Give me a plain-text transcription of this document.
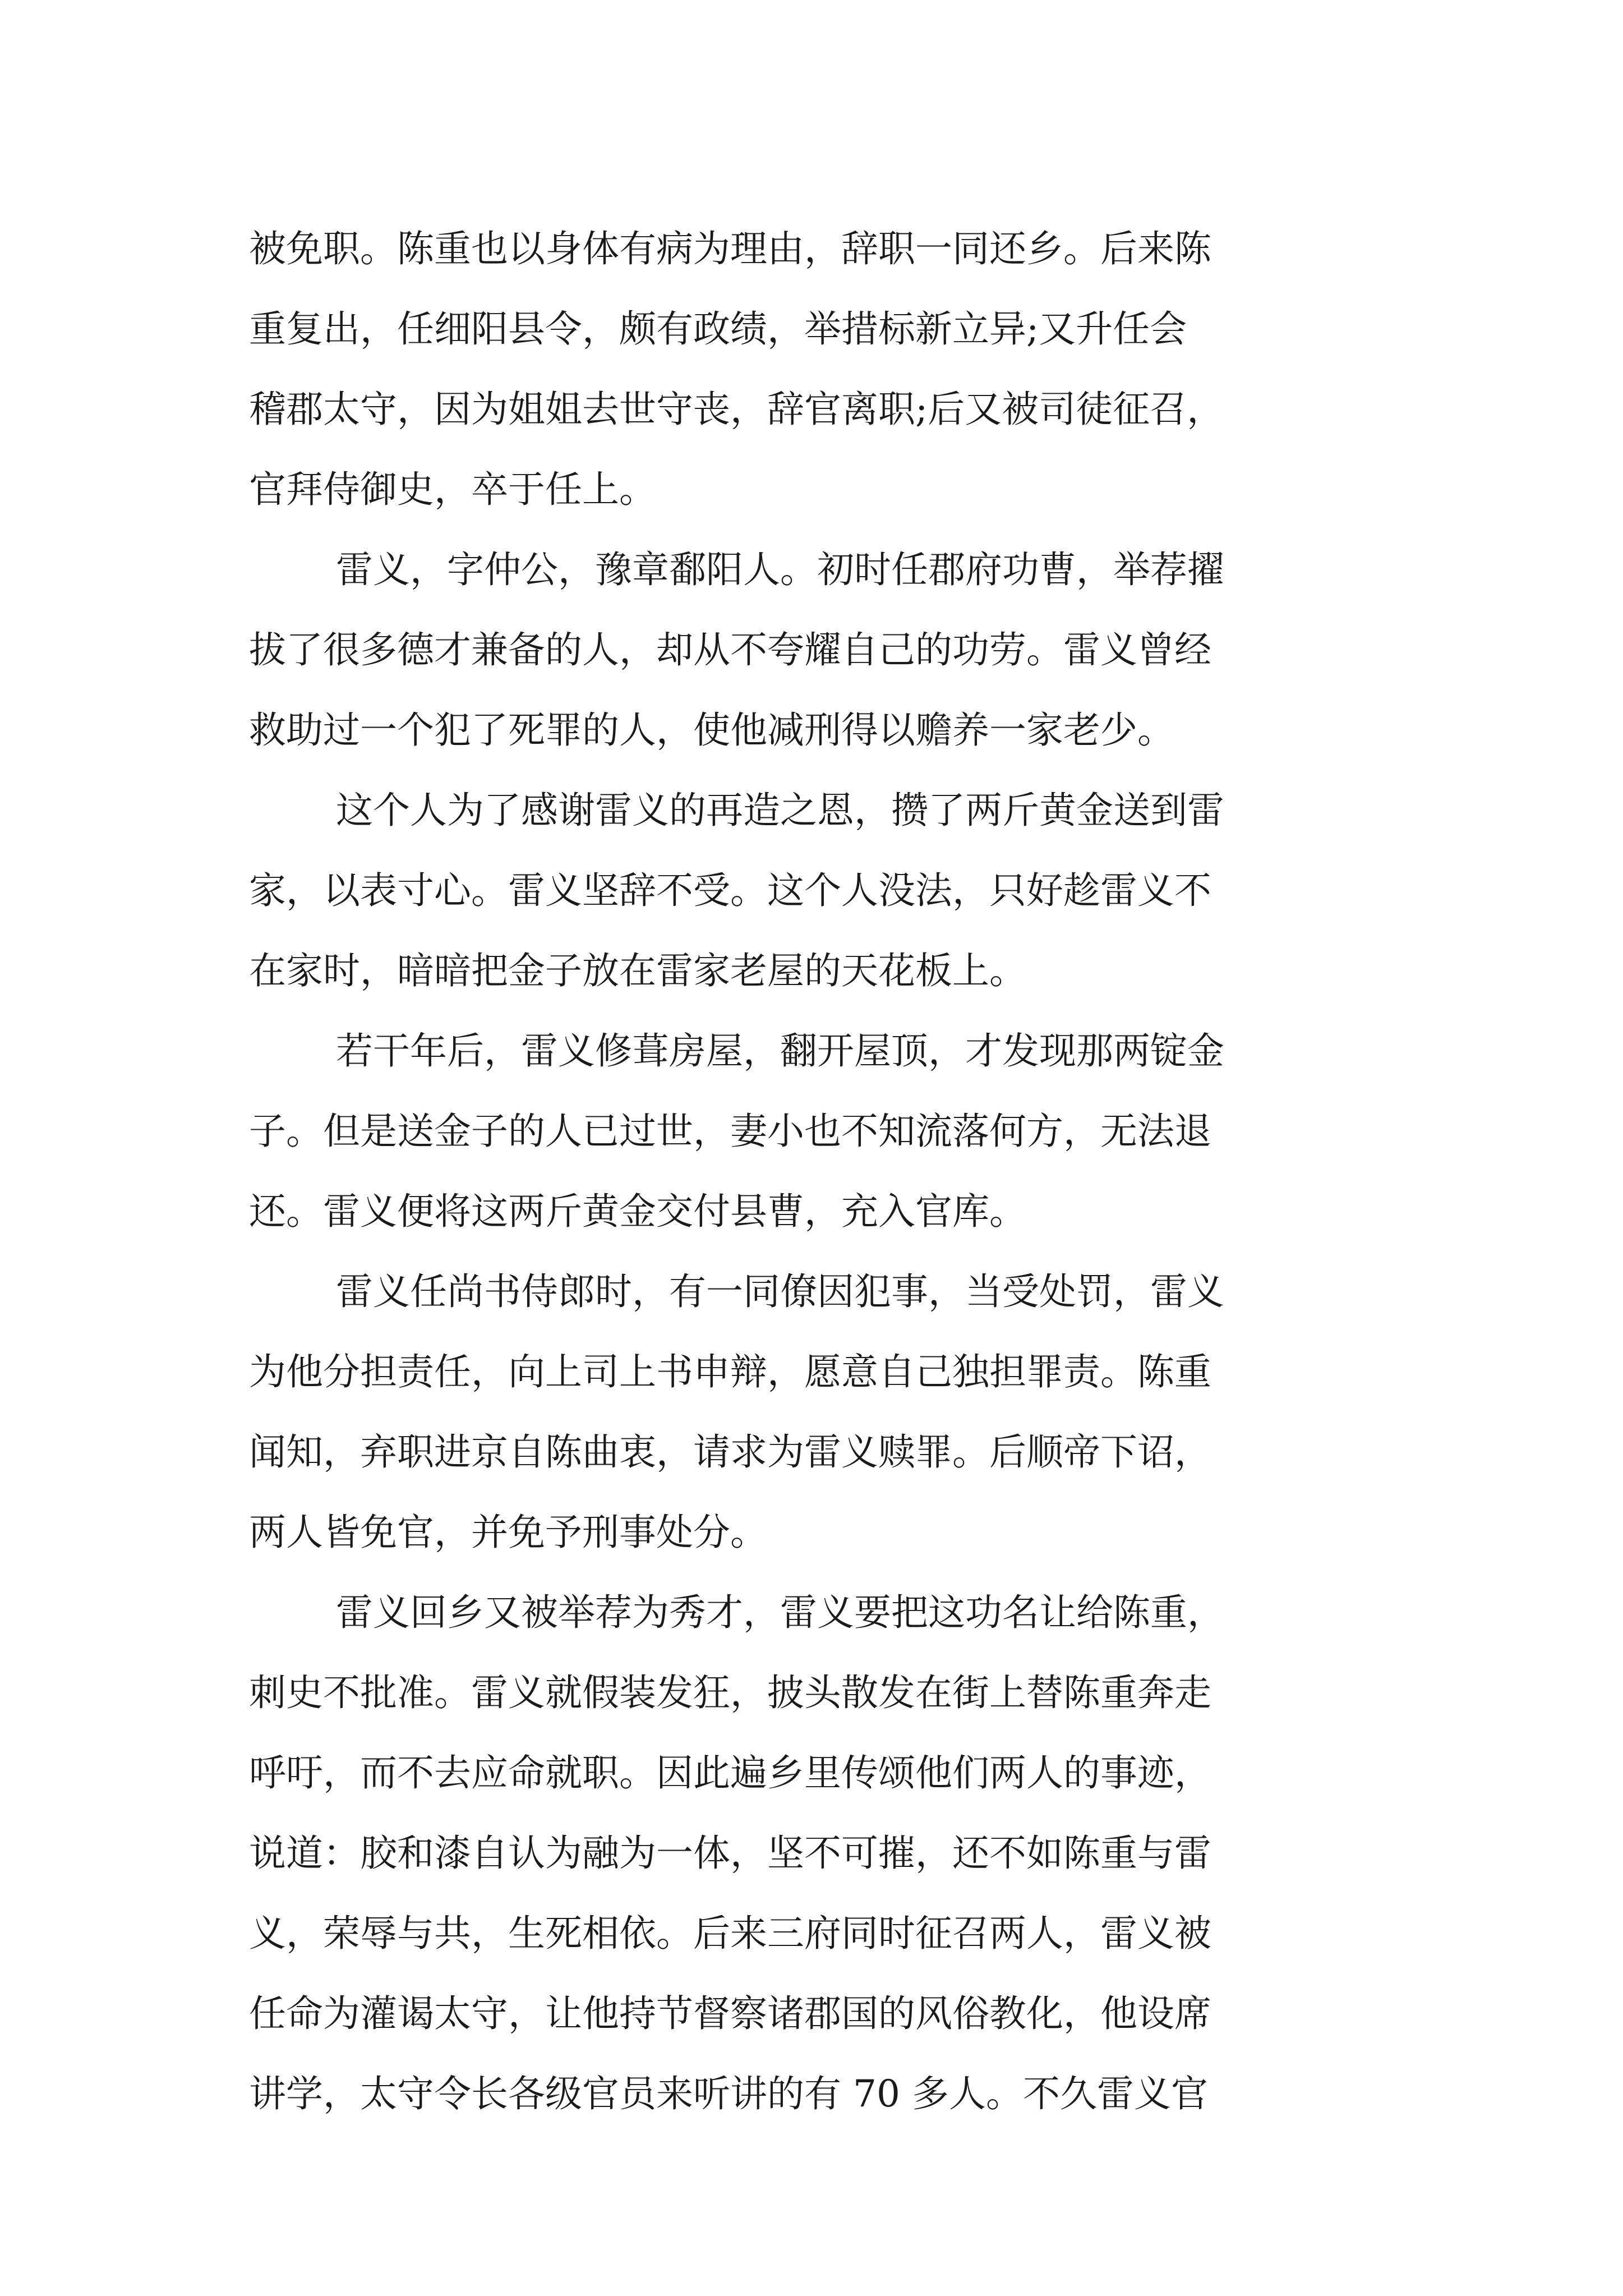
被免职。陈重也以身体有病为理由，辞职一同还乡。后来陈
重复出，任细阳县令，颇有政绩，举措标新立异;又升任会
稽郡太守，因为姐姐去世守丧，辞官离职;后又被司徒征召，
官拜侍御史，卒于任上。
雷义，字仲公，豫章鄱阳人。初时任郡府功曹，举荐擢
拔了很多德才兼备的人，却从不夸耀自己的功劳。雷义曾经
救助过一个犯了死罪的人，使他减刑得以赡养一家老少。
这个人为了感谢雷义的再造之恩，攒了两斤黄金送到雷
家，以表寸心。雷义坚辞不受。这个人没法，只好趁雷义不
在家时，暗暗把金子放在雷家老屋的天花板上。
若干年后，雷义修葺房屋，翻开屋顶，才发现那两锭金
子。但是送金子的人已过世，妻小也不知流落何方，无法退
还。雷义便将这两斤黄金交付县曹，充入官库。
雷义任尚书侍郎时，有一同僚因犯事，当受处罚，雷义
为他分担责任，向上司上书申辩，愿意自己独担罪责。陈重
闻知，弃职进京自陈曲衷，请求为雷义赎罪。后顺帝下诏，
两人皆免官，并免予刑事处分。
雷义回乡又被举荐为秀才，雷义要把这功名让给陈重，
刺史不批准。雷义就假装发狂，披头散发在街上替陈重奔走
呼吁，而不去应命就职。因此遍乡里传颂他们两人的事迹，
说道：胶和漆自认为融为一体，坚不可摧，还不如陈重与雷
义，荣辱与共，生死相依。后来三府同时征召两人，雷义被
任命为灌谒太守，让他持节督察诸郡国的风俗教化，他设席
讲学，太守令长各级官员来听讲的有 70 多人。不久雷义官
